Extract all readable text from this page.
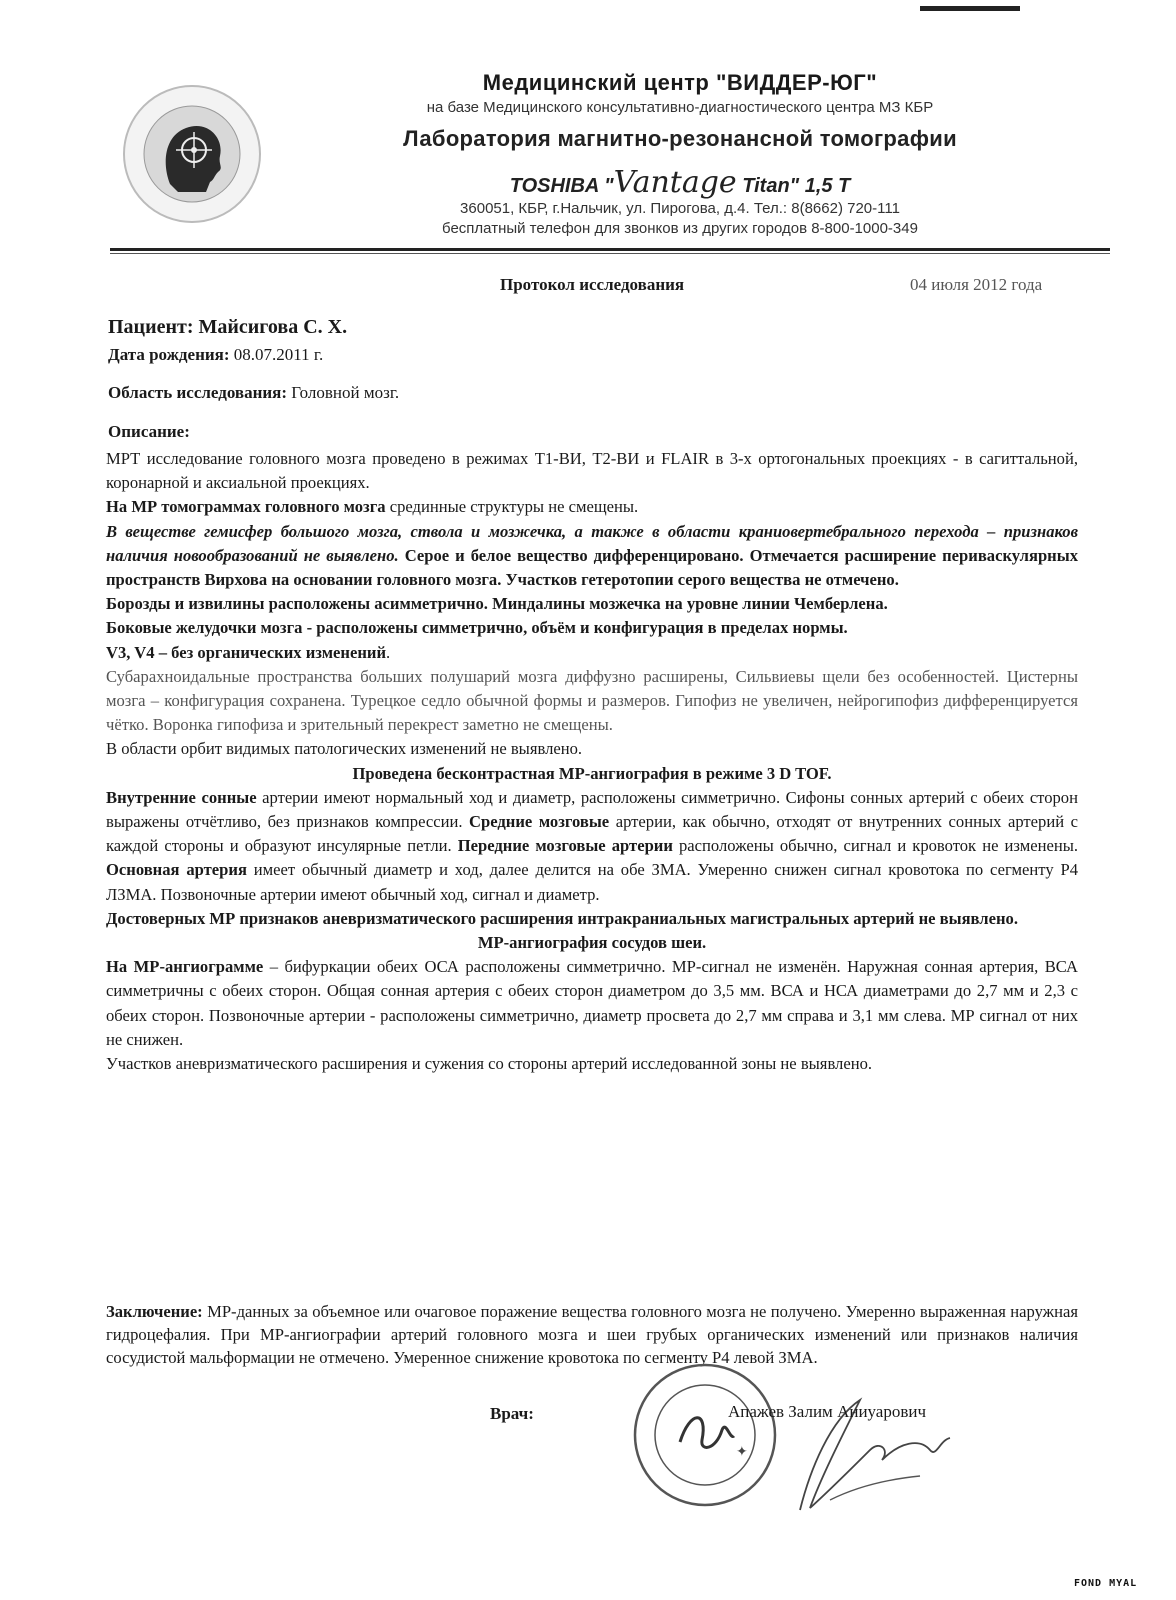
Медицинский центр "ВИДДЕР-ЮГ"
на базе Медицинского консультативно-диагностического центра МЗ КБР
Лаборатория магнитно-резонансной томографии
TOSHIBA "Vantage Titan" 1,5 T
360051, КБР, г.Нальчик, ул. Пирогова, д.4. Тел.: 8(8662) 720-111
бесплатный телефон для звонков из других городов 8-800-1000-349
Протокол исследования	04 июля 2012 года
Пациент: Майсигова С. Х.
Дата рождения: 08.07.2011 г.
Область исследования: Головной мозг.
Описание:

МРТ исследование головного мозга проведено в режимах Т1-ВИ, Т2-ВИ и FLAIR в 3-х ортогональных проекциях - в сагиттальной, коронарной и аксиальной проекциях.

На МР томограммах головного мозга срединные структуры не смещены.

В веществе гемисфер большого мозга, ствола и мозжечка, а также в области краниовертебрального перехода – признаков наличия новообразований не выявлено. Серое и белое вещество дифференцировано. Отмечается расширение периваскулярных пространств Вирхова на основании головного мозга. Участков гетеротопии серого вещества не отмечено.

Борозды и извилины расположены асимметрично. Миндалины мозжечка на уровне линии Чемберлена.

Боковые желудочки мозга - расположены симметрично, объём и конфигурация в пределах нормы.

V3, V4 – без органических изменений.

Субарахноидальные пространства больших полушарий мозга диффузно расширены, Сильвиевы щели без особенностей. Цистерны мозга – конфигурация сохранена. Турецкое седло обычной формы и размеров. Гипофиз не увеличен, нейрогипофиз дифференцируется чётко. Воронка гипофиза и зрительный перекрест заметно не смещены.

В области орбит видимых патологических изменений не выявлено.

Проведена бесконтрастная МР-ангиография в режиме 3 D TOF.

Внутренние сонные артерии имеют нормальный ход и диаметр, расположены симметрично. Сифоны сонных артерий с обеих сторон выражены отчётливо, без признаков компрессии. Средние мозговые артерии, как обычно, отходят от внутренних сонных артерий с каждой стороны и образуют инсулярные петли. Передние мозговые артерии расположены обычно, сигнал и кровоток не изменены. Основная артерия имеет обычный диаметр и ход, далее делится на обе ЗМА. Умеренно снижен сигнал кровотока по сегменту Р4 ЛЗМА. Позвоночные артерии имеют обычный ход, сигнал и диаметр.

Достоверных МР признаков аневризматического расширения интракраниальных магистральных артерий не выявлено.

МР-ангиография сосудов шеи.

На МР-ангиограмме – бифуркации обеих ОСА расположены симметрично. МР-сигнал не изменён. Наружная сонная артерия, ВСА симметричны с обеих сторон. Общая сонная артерия с обеих сторон диаметром до 3,5 мм. ВСА и НСА диаметрами до 2,7 мм и 2,3 с обеих сторон. Позвоночные артерии - расположены симметрично, диаметр просвета до 2,7 мм справа и 3,1 мм слева. МР сигнал от них не снижен.

Участков аневризматического расширения и сужения со стороны артерий исследованной зоны не выявлено.

Заключение: МР-данных за объемное или очаговое поражение вещества головного мозга не получено. Умеренно выраженная наружная гидроцефалия. При МР-ангиографии артерий головного мозга и шеи грубых органических изменений или признаков наличия сосудистой мальформации не отмечено. Умеренное снижение кровотока по сегменту Р4 левой ЗМА.

✦
Врач:	Апажев Залим Аниуарович
FOND MYAL
